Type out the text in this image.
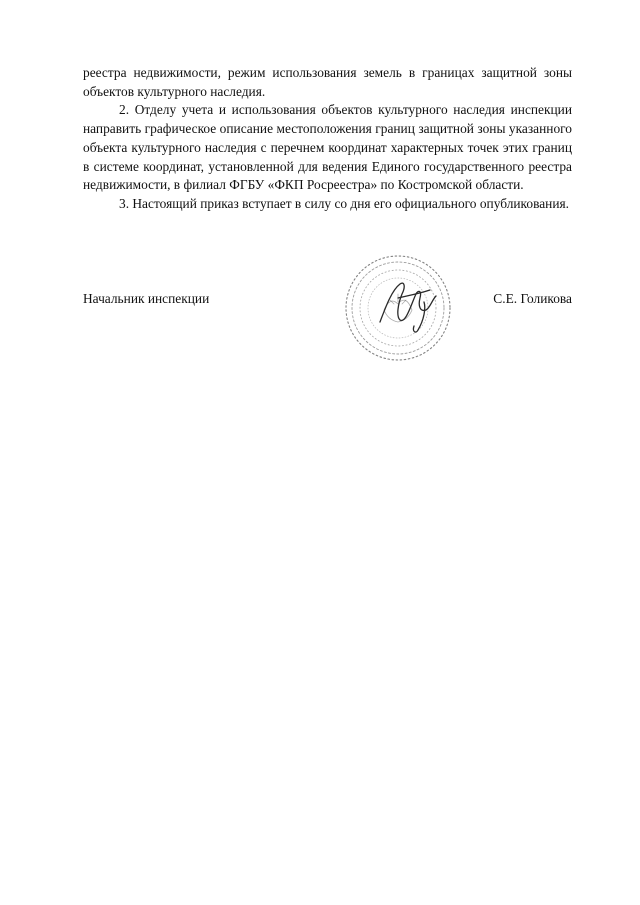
реестра недвижимости, режим использования земель в границах защитной зоны объектов культурного наследия.

2. Отделу учета и использования объектов культурного наследия инспекции направить графическое описание местоположения границ защитной зоны указанного объекта культурного наследия с перечнем координат характерных точек этих границ в системе координат, установленной для ведения Единого государственного реестра недвижимости, в филиал ФГБУ «ФКП Росреестра» по Костромской области.

3. Настоящий приказ вступает в силу со дня его официального опубликования.

Начальник инспекции	С.Е. Голикова
